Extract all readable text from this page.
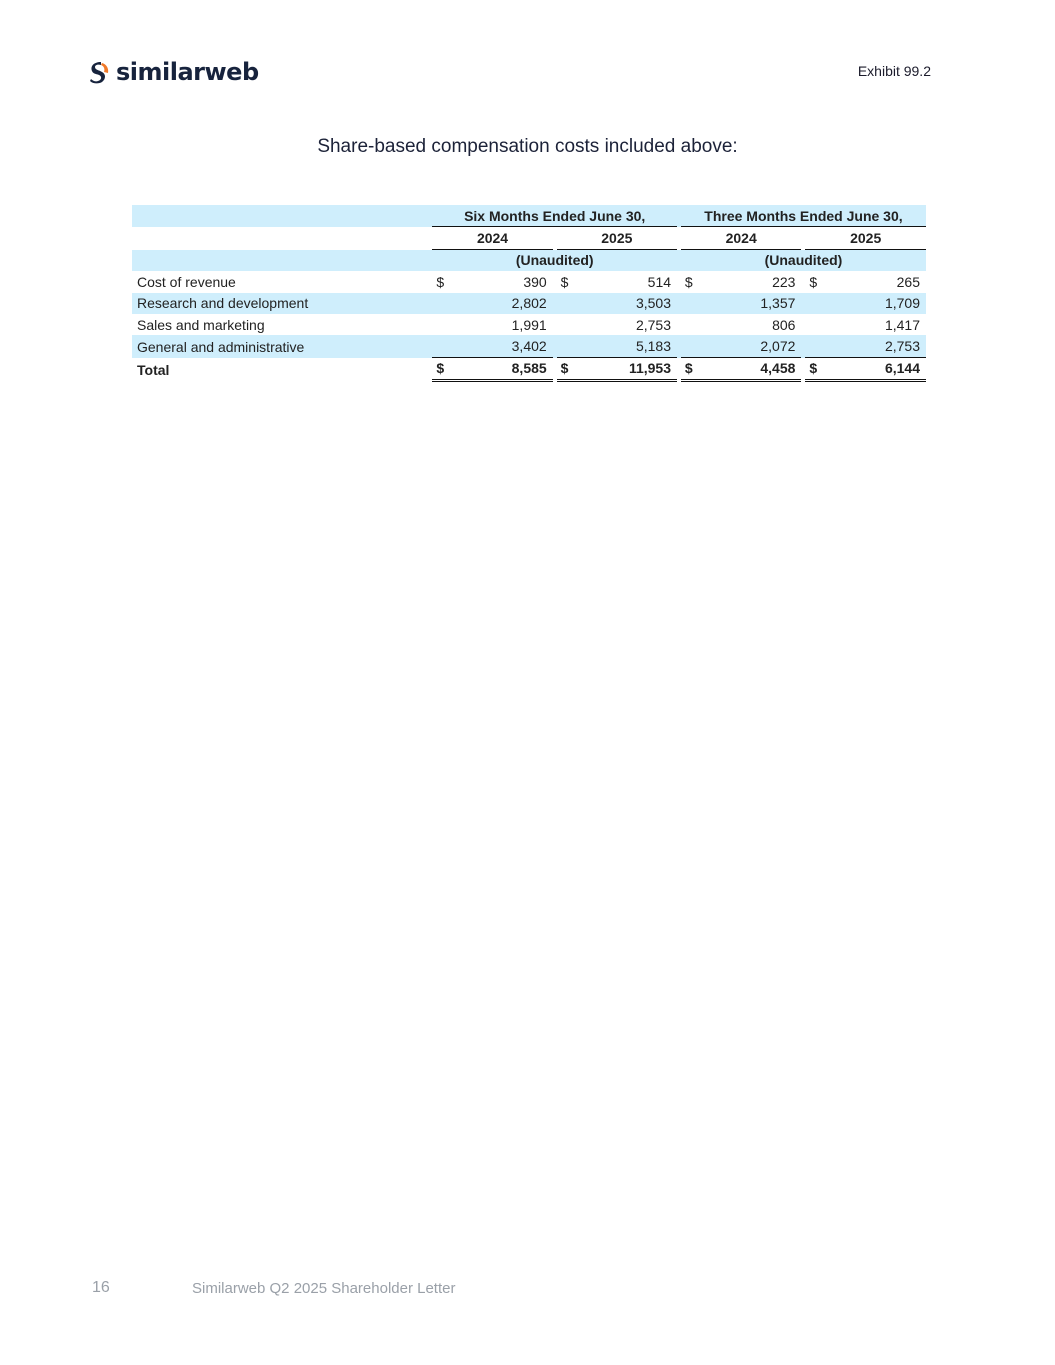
similarweb	Exhibit 99.2
Share-based compensation costs included above:
	Six Months Ended June 30,						Three Months Ended June 30,				
	2024			2025			2024			2025	
	(Unaudited)						(Unaudited)				
Cost of revenue	$	390		$	514		$	223		$	265
Research and development		2,802			3,503			1,357			1,709
Sales and marketing		1,991			2,753			806			1,417
General and administrative		3,402			5,183			2,072			2,753
Total	$	8,585		$	11,953		$	4,458		$	6,144
16	Similarweb Q2 2025 Shareholder Letter
